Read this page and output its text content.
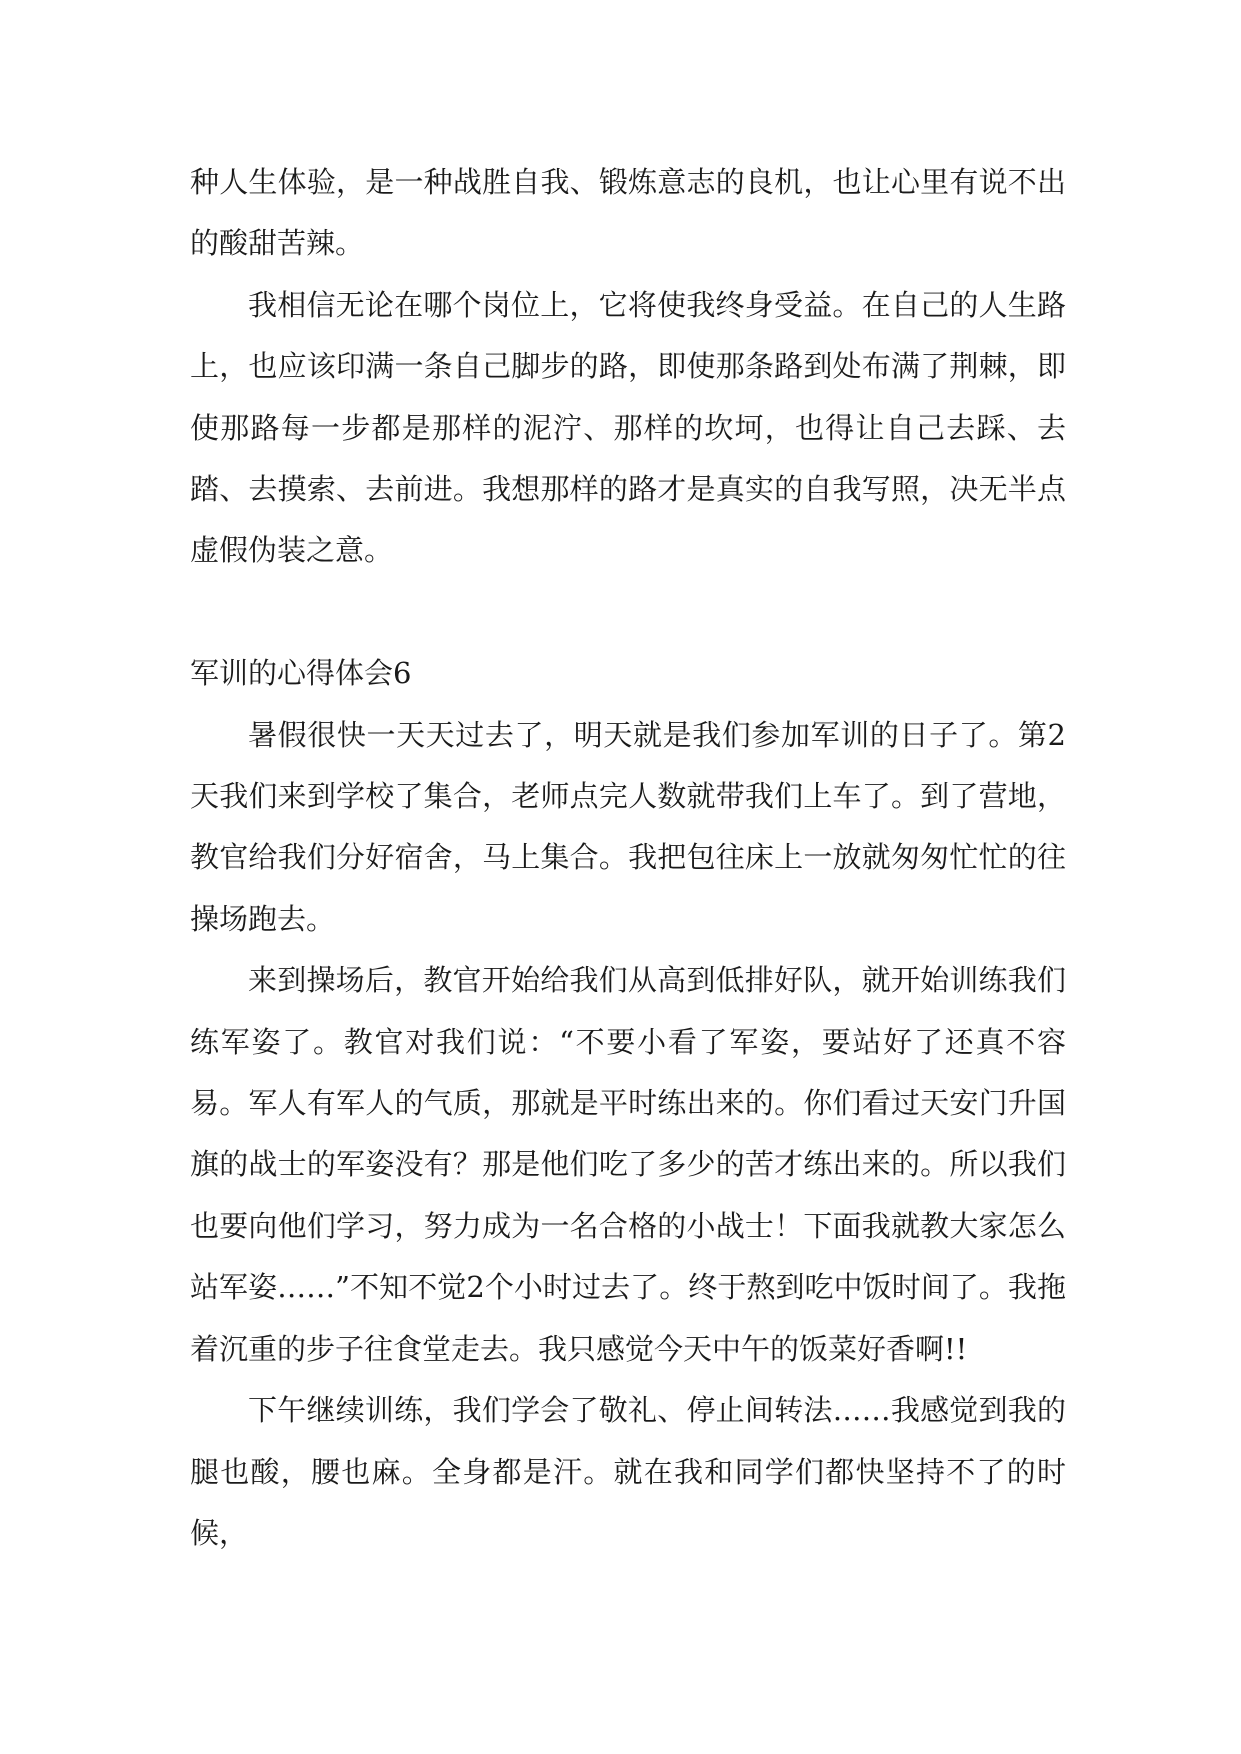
种人生体验，是一种战胜自我、锻炼意志的良机，也让心里有说不出的酸甜苦辣。

我相信无论在哪个岗位上，它将使我终身受益。在自己的人生路上，也应该印满一条自己脚步的路，即使那条路到处布满了荆棘，即使那路每一步都是那样的泥泞、那样的坎坷，也得让自己去踩、去踏、去摸索、去前进。我想那样的路才是真实的自我写照，决无半点虚假伪装之意。

军训的心得体会6

暑假很快一天天过去了，明天就是我们参加军训的日子了。第2天我们来到学校了集合，老师点完人数就带我们上车了。到了营地，教官给我们分好宿舍，马上集合。我把包往床上一放就匆匆忙忙的往操场跑去。

来到操场后，教官开始给我们从高到低排好队，就开始训练我们练军姿了。教官对我们说：“不要小看了军姿，要站好了还真不容易。军人有军人的气质，那就是平时练出来的。你们看过天安门升国旗的战士的军姿没有？那是他们吃了多少的苦才练出来的。所以我们也要向他们学习，努力成为一名合格的小战士！下面我就教大家怎么站军姿……”不知不觉2个小时过去了。终于熬到吃中饭时间了。我拖着沉重的步子往食堂走去。我只感觉今天中午的饭菜好香啊!!

下午继续训练，我们学会了敬礼、停止间转法……我感觉到我的腿也酸，腰也麻。全身都是汗。就在我和同学们都快坚持不了的时候，
